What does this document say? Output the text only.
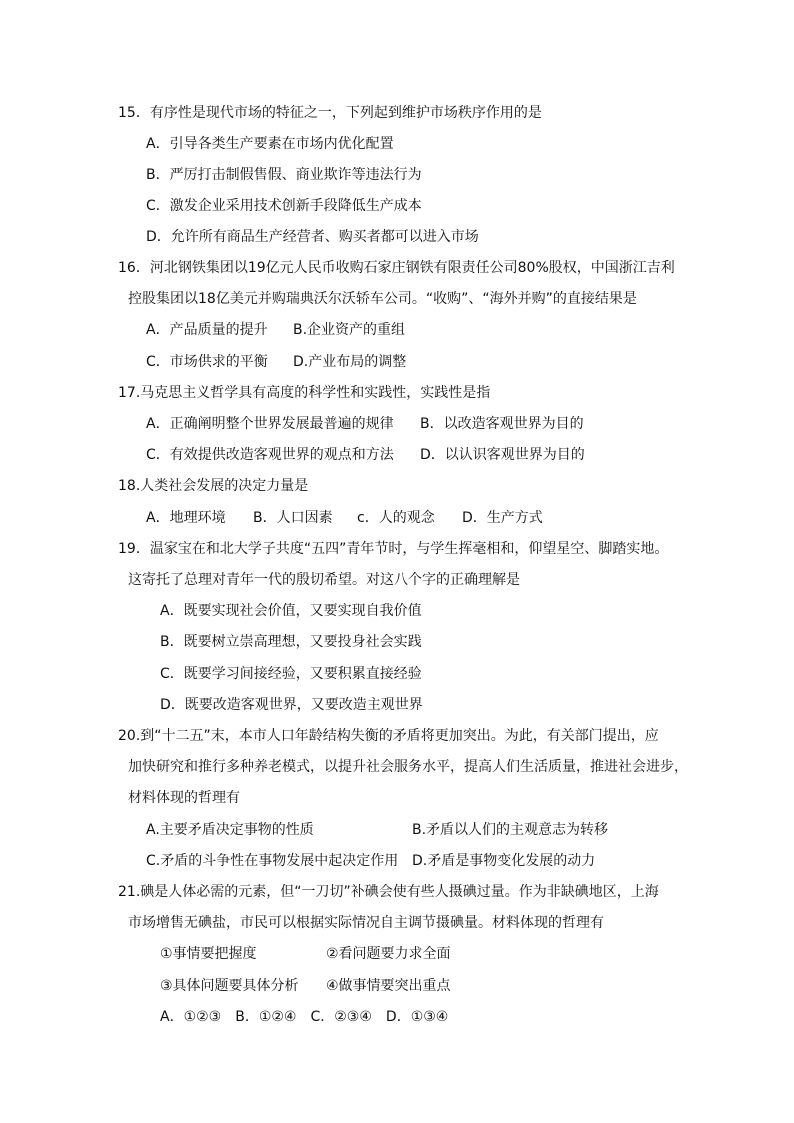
15．有序性是现代市场的特征之一，下列起到维护市场秩序作用的是
A．引导各类生产要素在市场内优化配置
B．严厉打击制假售假、商业欺诈等违法行为
C．激发企业采用技术创新手段降低生产成本
D．允许所有商品生产经营者、购买者都可以进入市场
16．河北钢铁集团以19亿元人民币收购石家庄钢铁有限责任公司80%股权，中国浙江吉利
控股集团以18亿美元并购瑞典沃尔沃轿车公司。“收购”、“海外并购”的直接结果是
A．产品质量的提升 B.企业资产的重组
C．市场供求的平衡 D.产业布局的调整
17.马克思主义哲学具有高度的科学性和实践性，实践性是指
A．正确阐明整个世界发展最普遍的规律 B．以改造客观世界为目的
C．有效提供改造客观世界的观点和方法 D．以认识客观世界为目的
18.人类社会发展的决定力量是
A．地理环境 B．人口因素 c．人的观念 D．生产方式
19．温家宝在和北大学子共度“五四”青年节时，与学生挥毫相和，仰望星空、脚踏实地。
这寄托了总理对青年一代的殷切希望。对这八个字的正确理解是
A．既要实现社会价值，又要实现自我价值
B．既要树立崇高理想，又要投身社会实践
C．既要学习间接经验，又要积累直接经验
D．既要改造客观世界，又要改造主观世界
20.到“十二五”末，本市人口年龄结构失衡的矛盾将更加突出。为此，有关部门提出，应
加快研究和推行多种养老模式，以提升社会服务水平，提高人们生活质量，推进社会进步，
材料体现的哲理有
A.主要矛盾决定事物的性质	B.矛盾以人们的主观意志为转移
C.矛盾的斗争性在事物发展中起决定作用 D.矛盾是事物变化发展的动力
21.碘是人体必需的元素，但“一刀切”补碘会使有些人摄碘过量。作为非缺碘地区，上海
市场增售无碘盐，市民可以根据实际情况自主调节摄碘量。材料体现的哲理有
①事情要把握度	②看问题要力求全面
③具体问题要具体分析 ④做事情要突出重点
A．①②③　B．①②④　C．②③④　D．①③④
